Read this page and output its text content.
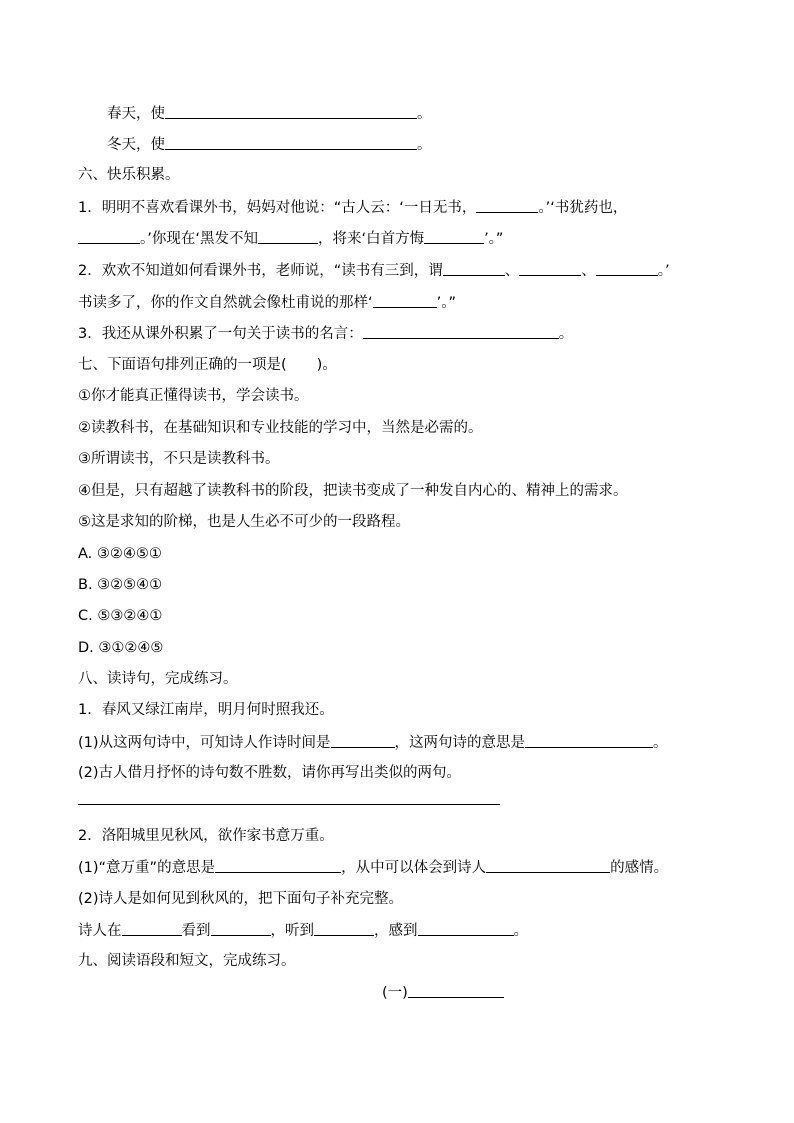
春天，使	。
冬天，使	。
六、快乐积累。
1．明明不喜欢看课外书，妈妈对他说：“古人云：‘一日无书，	。’‘书犹药也，
。’你现在‘黑发不知	，将来‘白首方悔	’。”
2．欢欢不知道如何看课外书，老师说，“读书有三到，谓	、	、	。’
书读多了，你的作文自然就会像杜甫说的那样‘	’。”
3．我还从课外积累了一句关于读书的名言：	。
七、下面语句排列正确的一项是( )。
①你才能真正懂得读书，学会读书。
②读教科书，在基础知识和专业技能的学习中，当然是必需的。
③所谓读书，不只是读教科书。
④但是，只有超越了读教科书的阶段，把读书变成了一种发自内心的、精神上的需求。
⑤这是求知的阶梯，也是人生必不可少的一段路程。
A. ③②④⑤①
B. ③②⑤④①
C. ⑤③②④①
D. ③①②④⑤
八、读诗句，完成练习。
1．春风又绿江南岸，明月何时照我还。
(1)从这两句诗中，可知诗人作诗时间是	，这两句诗的意思是	。
(2)古人借月抒怀的诗句数不胜数，请你再写出类似的两句。
2．洛阳城里见秋风，欲作家书意万重。
(1)“意万重”的意思是	，从中可以体会到诗人	的感情。
(2)诗人是如何见到秋风的，把下面句子补充完整。
诗人在	看到	，听到	，感到	。
九、阅读语段和短文，完成练习。
(一)
